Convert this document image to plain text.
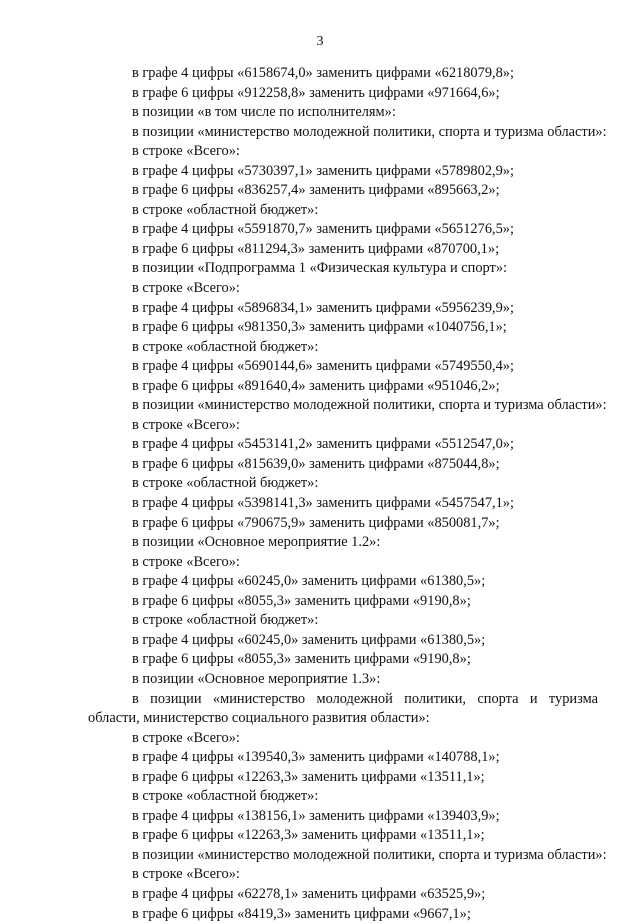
3
в графе 4 цифры «6158674,0» заменить цифрами «6218079,8»;
в графе 6 цифры «912258,8» заменить цифрами «971664,6»;
в позиции «в том числе по исполнителям»:
в позиции «министерство молодежной политики, спорта и туризма области»:
в строке «Всего»:
в графе 4 цифры «5730397,1» заменить цифрами «5789802,9»;
в графе 6 цифры «836257,4» заменить цифрами «895663,2»;
в строке «областной бюджет»:
в графе 4 цифры «5591870,7» заменить цифрами «5651276,5»;
в графе 6 цифры «811294,3» заменить цифрами «870700,1»;
в позиции «Подпрограмма 1 «Физическая культура и спорт»:
в строке «Всего»:
в графе 4 цифры «5896834,1» заменить цифрами «5956239,9»;
в графе 6 цифры «981350,3» заменить цифрами «1040756,1»;
в строке «областной бюджет»:
в графе 4 цифры «5690144,6» заменить цифрами «5749550,4»;
в графе 6 цифры «891640,4» заменить цифрами «951046,2»;
в позиции «министерство молодежной политики, спорта и туризма области»:
в строке «Всего»:
в графе 4 цифры «5453141,2» заменить цифрами «5512547,0»;
в графе 6 цифры «815639,0» заменить цифрами «875044,8»;
в строке «областной бюджет»:
в графе 4 цифры «5398141,3» заменить цифрами «5457547,1»;
в графе 6 цифры «790675,9» заменить цифрами «850081,7»;
в позиции «Основное мероприятие 1.2»:
в строке «Всего»:
в графе 4 цифры «60245,0» заменить цифрами «61380,5»;
в графе 6 цифры «8055,3» заменить цифрами «9190,8»;
в строке «областной бюджет»:
в графе 4 цифры «60245,0» заменить цифрами «61380,5»;
в графе 6 цифры «8055,3» заменить цифрами «9190,8»;
в позиции «Основное мероприятие 1.3»:
в позиции «министерство молодежной политики, спорта и туризма
области, министерство социального развития области»:
в строке «Всего»:
в графе 4 цифры «139540,3» заменить цифрами «140788,1»;
в графе 6 цифры «12263,3» заменить цифрами «13511,1»;
в строке «областной бюджет»:
в графе 4 цифры «138156,1» заменить цифрами «139403,9»;
в графе 6 цифры «12263,3» заменить цифрами «13511,1»;
в позиции «министерство молодежной политики, спорта и туризма области»:
в строке «Всего»:
в графе 4 цифры «62278,1» заменить цифрами «63525,9»;
в графе 6 цифры «8419,3» заменить цифрами «9667,1»;
